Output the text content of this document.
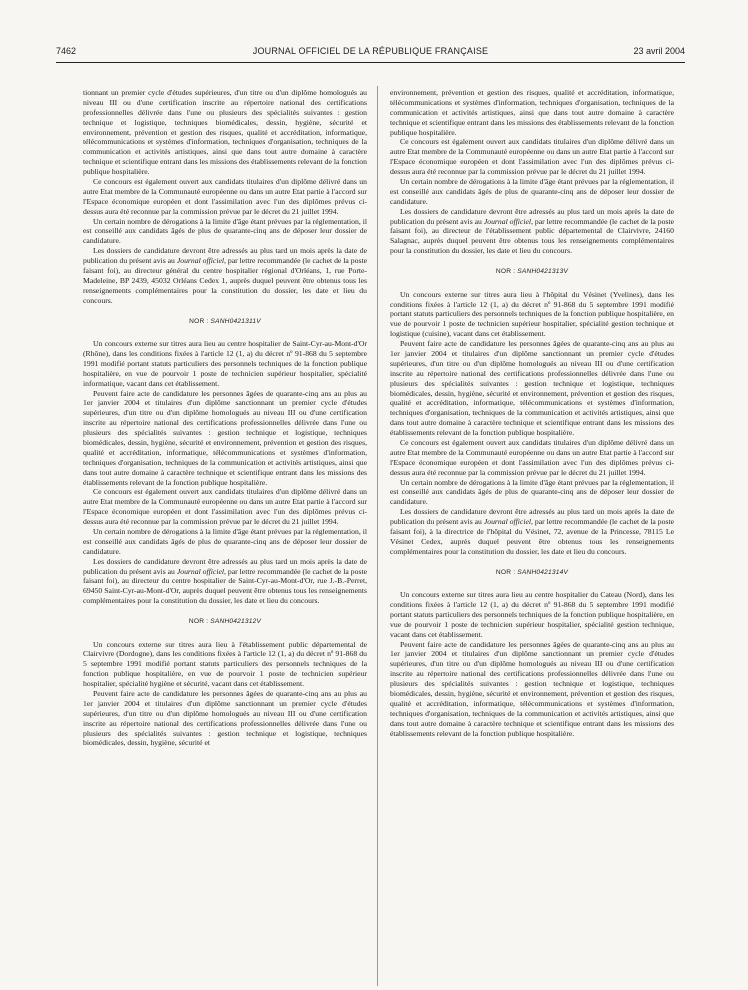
7462	JOURNAL OFFICIEL DE LA RÉPUBLIQUE FRANÇAISE	23 avril 2004

tionnant un premier cycle d'études supérieures, d'un titre ou d'un diplôme homologués au niveau III ou d'une certification inscrite au répertoire national des certifications professionnelles délivrée dans l'une ou plusieurs des spécialités suivantes : gestion technique et logistique, techniques biomédicales, dessin, hygiène, sécurité et environnement, prévention et gestion des risques, qualité et accréditation, informatique, télécommunications et systèmes d'information, techniques d'organisation, techniques de la communication et activités artistiques, ainsi que dans tout autre domaine à caractère technique et scientifique entrant dans les missions des établissements relevant de la fonction publique hospitalière.

Ce concours est également ouvert aux candidats titulaires d'un diplôme délivré dans un autre Etat membre de la Communauté européenne ou dans un autre Etat partie à l'accord sur l'Espace économique européen et dont l'assimilation avec l'un des diplômes prévus ci-dessus aura été reconnue par la commission prévue par le décret du 21 juillet 1994.

Un certain nombre de dérogations à la limite d'âge étant prévues par la réglementation, il est conseillé aux candidats âgés de plus de quarante-cinq ans de déposer leur dossier de candidature.

Les dossiers de candidature devront être adressés au plus tard un mois après la date de publication du présent avis au Journal officiel, par lettre recommandée (le cachet de la poste faisant foi), au directeur général du centre hospitalier régional d'Orléans, 1, rue Porte-Madeleine, BP 2439, 45032 Orléans Cedex 1, auprès duquel peuvent être obtenus tous les renseignements complémentaires pour la constitution du dossier, les date et lieu du concours.

NOR : SANH0421311V

Un concours externe sur titres aura lieu au centre hospitalier de Saint-Cyr-au-Mont-d'Or (Rhône), dans les conditions fixées à l'article 12 (1, a) du décret nº 91-868 du 5 septembre 1991 modifié portant statuts particuliers des personnels techniques de la fonction publique hospitalière, en vue de pourvoir 1 poste de technicien supérieur hospitalier, spécialité informatique, vacant dans cet établissement.

Peuvent faire acte de candidature les personnes âgées de quarante-cinq ans au plus au 1er janvier 2004 et titulaires d'un diplôme sanctionnant un premier cycle d'études supérieures, d'un titre ou d'un diplôme homologués au niveau III ou d'une certification inscrite au répertoire national des certifications professionnelles délivrée dans l'une ou plusieurs des spécialités suivantes : gestion technique et logistique, techniques biomédicales, dessin, hygiène, sécurité et environnement, prévention et gestion des risques, qualité et accréditation, informatique, télécommunications et systèmes d'information, techniques d'organisation, techniques de la communication et activités artistiques, ainsi que dans tout autre domaine à caractère technique et scientifique entrant dans les missions des établissements relevant de la fonction publique hospitalière.

Ce concours est également ouvert aux candidats titulaires d'un diplôme délivré dans un autre Etat membre de la Communauté européenne ou dans un autre Etat partie à l'accord sur l'Espace économique européen et dont l'assimilation avec l'un des diplômes prévus ci-dessus aura été reconnue par la commission prévue par le décret du 21 juillet 1994.

Un certain nombre de dérogations à la limite d'âge étant prévues par la réglementation, il est conseillé aux candidats âgés de plus de quarante-cinq ans de déposer leur dossier de candidature.

Les dossiers de candidature devront être adressés au plus tard un mois après la date de publication du présent avis au Journal officiel, par lettre recommandée (le cachet de la poste faisant foi), au directeur du centre hospitalier de Saint-Cyr-au-Mont-d'Or, rue J.-B.-Perret, 69450 Saint-Cyr-au-Mont-d'Or, auprès duquel peuvent être obtenus tous les renseignements complémentaires pour la constitution du dossier, les date et lieu du concours.

NOR : SANH0421312V

Un concours externe sur titres aura lieu à l'établissement public départemental de Clairvivre (Dordogne), dans les conditions fixées à l'article 12 (1, a) du décret nº 91-868 du 5 septembre 1991 modifié portant statuts particuliers des personnels techniques de la fonction publique hospitalière, en vue de pourvoir 1 poste de technicien supérieur hospitalier, spécialité hygiène et sécurité, vacant dans cet établissement.

Peuvent faire acte de candidature les personnes âgées de quarante-cinq ans au plus au 1er janvier 2004 et titulaires d'un diplôme sanctionnant un premier cycle d'études supérieures, d'un titre ou d'un diplôme homologués au niveau III ou d'une certification inscrite au répertoire national des certifications professionnelles délivrée dans l'une ou plusieurs des spécialités suivantes : gestion technique et logistique, techniques biomédicales, dessin, hygiène, sécurité et

environnement, prévention et gestion des risques, qualité et accréditation, informatique, télécommunications et systèmes d'information, techniques d'organisation, techniques de la communication et activités artistiques, ainsi que dans tout autre domaine à caractère technique et scientifique entrant dans les missions des établissements relevant de la fonction publique hospitalière.

Ce concours est également ouvert aux candidats titulaires d'un diplôme délivré dans un autre Etat membre de la Communauté européenne ou dans un autre Etat partie à l'accord sur l'Espace économique européen et dont l'assimilation avec l'un des diplômes prévus ci-dessus aura été reconnue par la commission prévue par le décret du 21 juillet 1994.

Un certain nombre de dérogations à la limite d'âge étant prévues par la réglementation, il est conseillé aux candidats âgés de plus de quarante-cinq ans de déposer leur dossier de candidature.

Les dossiers de candidature devront être adressés au plus tard un mois après la date de publication du présent avis au Journal officiel, par lettre recommandée (le cachet de la poste faisant foi), au directeur de l'établissement public départemental de Clairvivre, 24160 Salagnac, auprès duquel peuvent être obtenus tous les renseignements complémentaires pour la constitution du dossier, les date et lieu du concours.

NOR : SANH0421313V

Un concours externe sur titres aura lieu à l'hôpital du Vésinet (Yvelines), dans les conditions fixées à l'article 12 (1, a) du décret nº 91-868 du 5 septembre 1991 modifié portant statuts particuliers des personnels techniques de la fonction publique hospitalière, en vue de pourvoir 1 poste de technicien supérieur hospitalier, spécialité gestion technique et logistique (cuisine), vacant dans cet établissement.

Peuvent faire acte de candidature les personnes âgées de quarante-cinq ans au plus au 1er janvier 2004 et titulaires d'un diplôme sanctionnant un premier cycle d'études supérieures, d'un titre ou d'un diplôme homologués au niveau III ou d'une certification inscrite au répertoire national des certifications professionnelles délivrée dans l'une ou plusieurs des spécialités suivantes : gestion technique et logistique, techniques biomédicales, dessin, hygiène, sécurité et environnement, prévention et gestion des risques, qualité et accréditation, informatique, télécommunications et systèmes d'information, techniques d'organisation, techniques de la communication et activités artistiques, ainsi que dans tout autre domaine à caractère technique et scientifique entrant dans les missions des établissements relevant de la fonction publique hospitalière.

Ce concours est également ouvert aux candidats titulaires d'un diplôme délivré dans un autre Etat membre de la Communauté européenne ou dans un autre Etat partie à l'accord sur l'Espace économique européen et dont l'assimilation avec l'un des diplômes prévus ci-dessus aura été reconnue par la commission prévue par le décret du 21 juillet 1994.

Un certain nombre de dérogations à la limite d'âge étant prévues par la réglementation, il est conseillé aux candidats âgés de plus de quarante-cinq ans de déposer leur dossier de candidature.

Les dossiers de candidature devront être adressés au plus tard un mois après la date de publication du présent avis au Journal officiel, par lettre recommandée (le cachet de la poste faisant foi), à la directrice de l'hôpital du Vésinet, 72, avenue de la Princesse, 78115 Le Vésinet Cedex, auprès duquel peuvent être obtenus tous les renseignements complémentaires pour la constitution du dossier, les date et lieu du concours.

NOR : SANH0421314V

Un concours externe sur titres aura lieu au centre hospitalier du Cateau (Nord), dans les conditions fixées à l'article 12 (1, a) du décret nº 91-868 du 5 septembre 1991 modifié portant statuts particuliers des personnels techniques de la fonction publique hospitalière, en vue de pourvoir 1 poste de technicien supérieur hospitalier, spécialité gestion technique, vacant dans cet établissement.

Peuvent faire acte de candidature les personnes âgées de quarante-cinq ans au plus au 1er janvier 2004 et titulaires d'un diplôme sanctionnant un premier cycle d'études supérieures, d'un titre ou d'un diplôme homologués au niveau III ou d'une certification inscrite au répertoire national des certifications professionnelles délivrée dans l'une ou plusieurs des spécialités suivantes : gestion technique et logistique, techniques biomédicales, dessin, hygiène, sécurité et environnement, prévention et gestion des risques, qualité et accréditation, informatique, télécommunications et systèmes d'information, techniques d'organisation, techniques de la communication et activités artistiques, ainsi que dans tout autre domaine à caractère technique et scientifique entrant dans les missions des établissements relevant de la fonction publique hospitalière.
